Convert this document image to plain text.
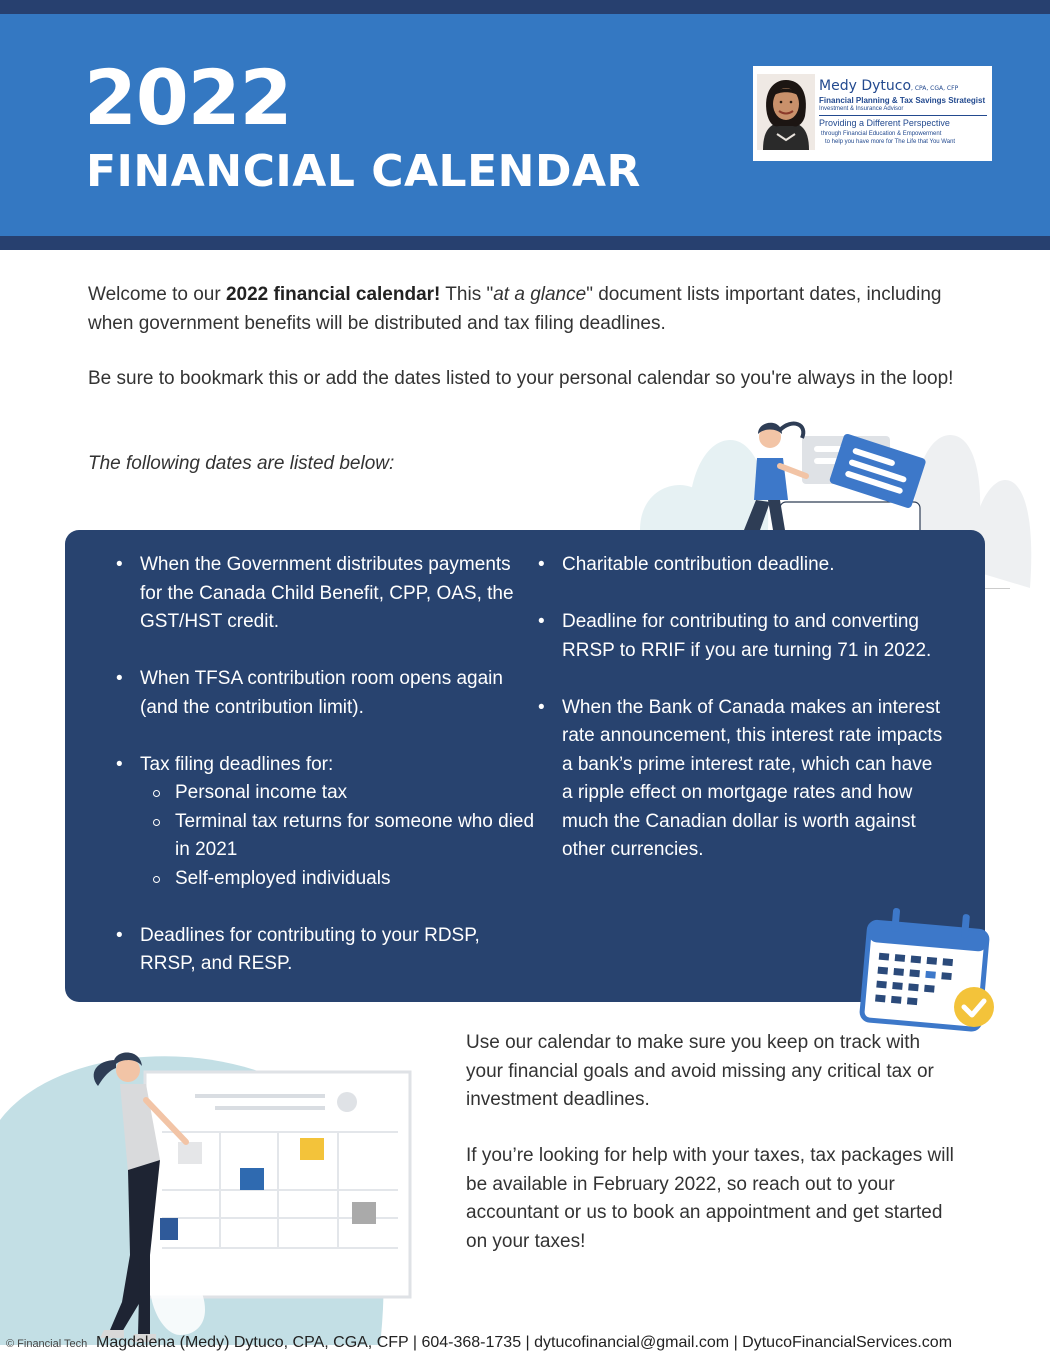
2022
FINANCIAL CALENDAR
Medy Dytuco, CPA, CGA, CFP
Financial Planning & Tax Savings Strategist
Investment & Insurance Advisor
Providing a Different Perspective
through Financial Education & Empowerment
to help you have more for The Life that You Want

Welcome to our 2022 financial calendar! This "at a glance" document lists important dates, including when government benefits will be distributed and tax filing deadlines.

Be sure to bookmark this or add the dates listed to your personal calendar so you're always in the loop!

The following dates are listed below:

• When the Government distributes payments for the Canada Child Benefit, CPP, OAS, the GST/HST credit.
• When TFSA contribution room opens again (and the contribution limit).
• Tax filing deadlines for:
Personal income tax
Terminal tax returns for someone who died in 2021
Self-employed individuals
• Deadlines for contributing to your RDSP, RRSP, and RESP.
• Charitable contribution deadline.
• Deadline for contributing to and converting RRSP to RRIF if you are turning 71 in 2022.
• When the Bank of Canada makes an interest rate announcement, this interest rate impacts a bank’s prime interest rate, which can have a ripple effect on mortgage rates and how much the Canadian dollar is worth against other currencies.

Use our calendar to make sure you keep on track with your financial goals and avoid missing any critical tax or investment deadlines.

If you’re looking for help with your taxes, tax packages will be available in February 2022, so reach out to your accountant or us to book an appointment and get started on your taxes!

© Financial Tech Magdalena (Medy) Dytuco, CPA, CGA, CFP | 604-368-1735 | dytucofinancial@gmail.com | DytucoFinancialServices.com
